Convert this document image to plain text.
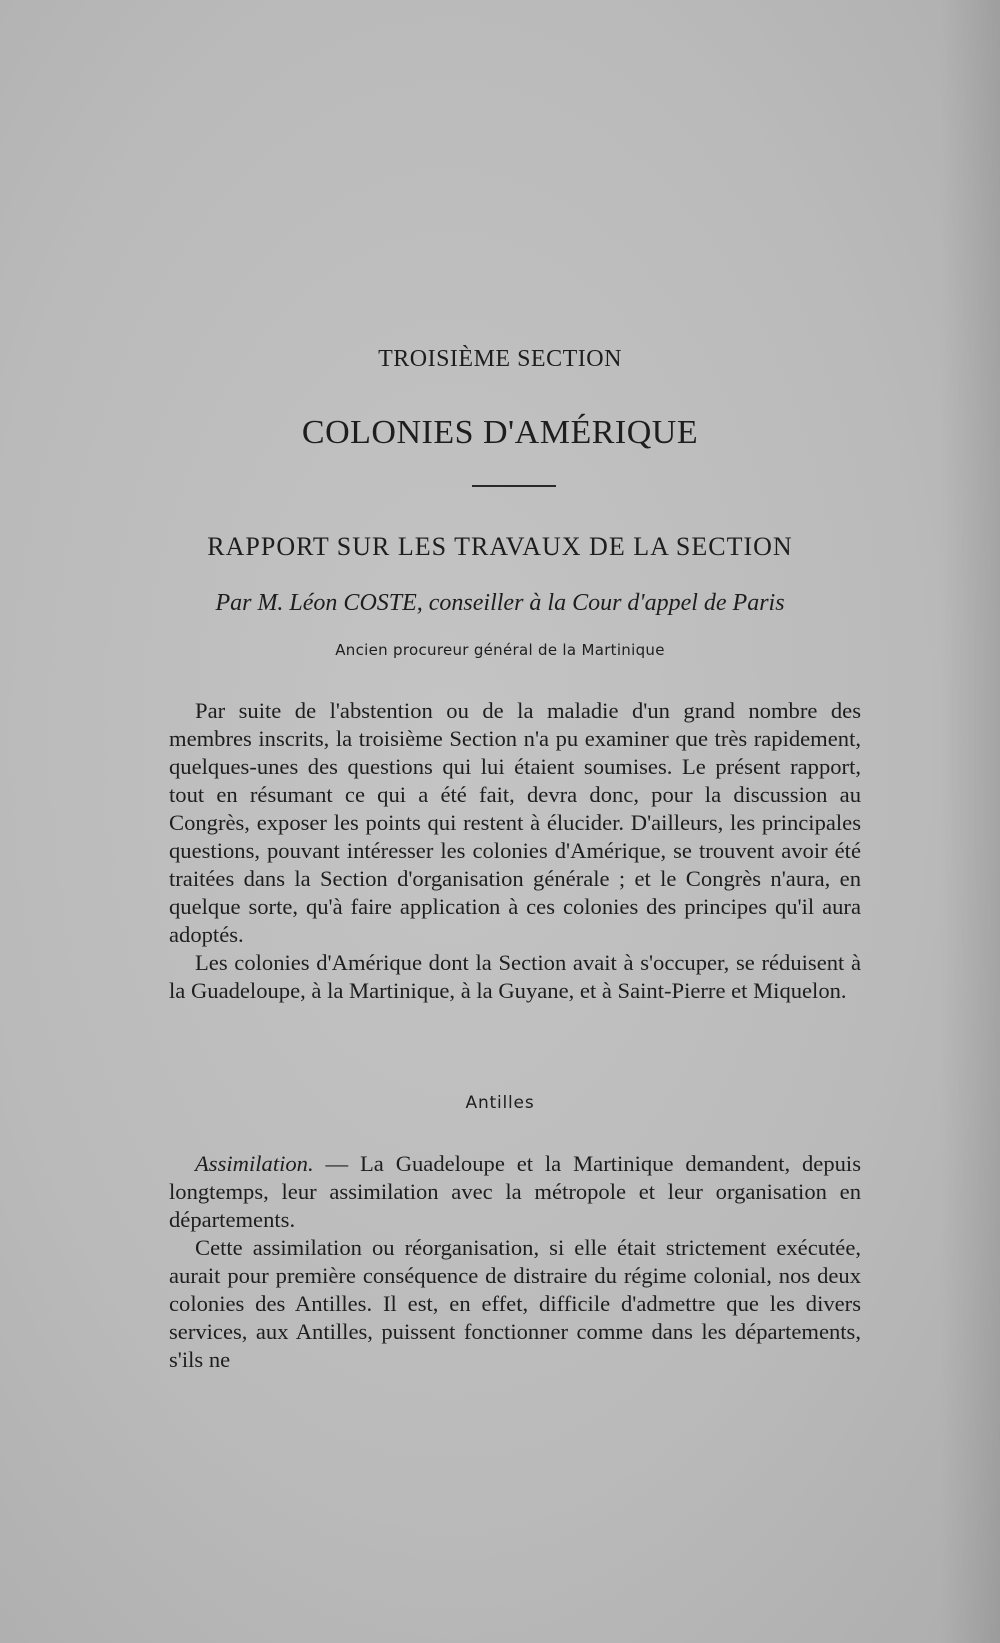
TROISIÈME SECTION
COLONIES D'AMÉRIQUE
RAPPORT SUR LES TRAVAUX DE LA SECTION
Par M. Léon COSTE, conseiller à la Cour d'appel de Paris
Ancien procureur général de la Martinique

Par suite de l'abstention ou de la maladie d'un grand nombre des membres inscrits, la troisième Section n'a pu examiner que très rapidement, quelques-unes des questions qui lui étaient soumises. Le présent rapport, tout en résumant ce qui a été fait, devra donc, pour la discussion au Congrès, exposer les points qui restent à élucider. D'ailleurs, les principales questions, pouvant intéresser les colonies d'Amérique, se trouvent avoir été traitées dans la Section d'organisation générale ; et le Congrès n'aura, en quelque sorte, qu'à faire application à ces colonies des principes qu'il aura adoptés.

Les colonies d'Amérique dont la Section avait à s'occuper, se réduisent à la Guadeloupe, à la Martinique, à la Guyane, et à Saint-Pierre et Miquelon.

Antilles

Assimilation. — La Guadeloupe et la Martinique demandent, depuis longtemps, leur assimilation avec la métropole et leur organisation en départements.

Cette assimilation ou réorganisation, si elle était strictement exécutée, aurait pour première conséquence de distraire du régime colonial, nos deux colonies des Antilles. Il est, en effet, difficile d'admettre que les divers services, aux Antilles, puissent fonctionner comme dans les départements, s'ils ne
